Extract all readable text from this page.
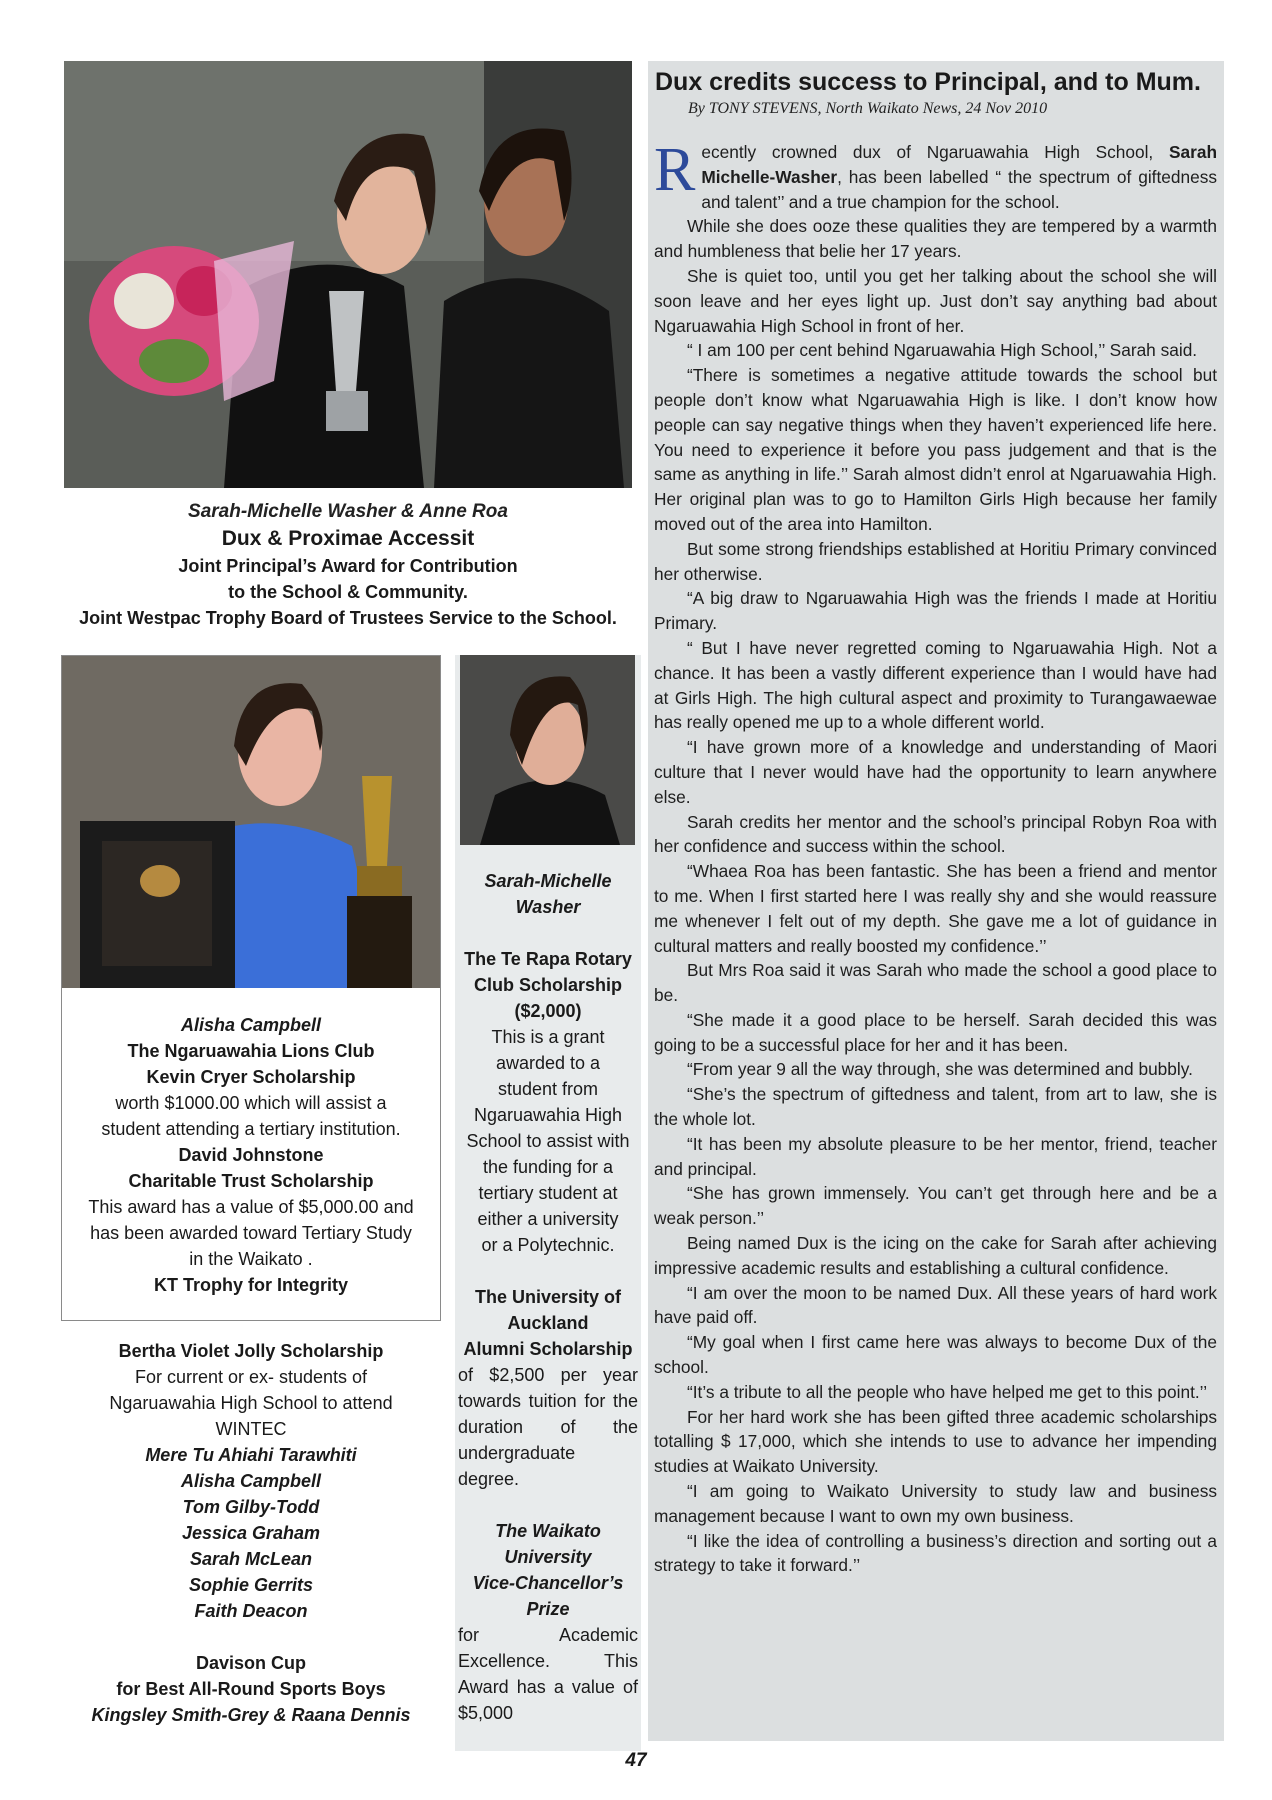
Sarah-Michelle Washer & Anne Roa
Dux & Proximae Accessit
Joint Principal’s Award for Contribution
to the School & Community.
Joint Westpac Trophy Board of Trustees Service to the School.
Alisha Campbell
The Ngaruawahia Lions Club
Kevin Cryer Scholarship
worth $1000.00 which will assist a
student attending a tertiary institution.
David Johnstone
Charitable Trust Scholarship
This award has a value of $5,000.00 and
has been awarded toward Tertiary Study
in the Waikato .
KT Trophy for Integrity
Sarah-Michelle
Washer
The Te Rapa Rotary
Club Scholarship
($2,000)
This is a grant
awarded to a
student from
Ngaruawahia High
School to assist with
the funding for a
tertiary student at
either a university
or a Polytechnic.
The University of
Auckland
Alumni Scholarship
of $2,500 per year towards tuition for the duration of the undergraduate degree.
The Waikato
University
Vice-Chancellor’s
Prize
for Academic Excellence. This Award has a value of $5,000
Bertha Violet Jolly Scholarship
For current or ex- students of
Ngaruawahia High School to attend
WINTEC
Mere Tu Ahiahi Tarawhiti
Alisha Campbell
Tom Gilby-Todd
Jessica Graham
Sarah McLean
Sophie Gerrits
Faith Deacon
Davison Cup
for Best All-Round Sports Boys
Kingsley Smith-Grey & Raana Dennis
Dux credits success to Principal, and to Mum.
By TONY STEVENS, North Waikato News, 24 Nov 2010

Recently crowned dux of Ngaruawahia High School, Sarah Michelle-Washer, has been labelled “ the spectrum of giftedness and talent’’ and a true champion for the school.

While she does ooze these qualities they are tempered by a warmth and humbleness that belie her 17 years.

She is quiet too, until you get her talking about the school she will soon leave and her eyes light up. Just don’t say anything bad about Ngaruawahia High School in front of her.

“ I am 100 per cent behind Ngaruawahia High School,’’ Sarah said.

“There is sometimes a negative attitude towards the school but people don’t know what Ngaruawahia High is like. I don’t know how people can say negative things when they haven’t experienced life here. You need to experience it before you pass judgement and that is the same as anything in life.’’ Sarah almost didn’t enrol at Ngaruawahia High. Her original plan was to go to Hamilton Girls High because her family moved out of the area into Hamilton.

But some strong friendships established at Horitiu Primary convinced her otherwise.

“A big draw to Ngaruawahia High was the friends I made at Horitiu Primary.

“ But I have never regretted coming to Ngaruawahia High. Not a chance. It has been a vastly different experience than I would have had at Girls High. The high cultural aspect and proximity to Turangawaewae has really opened me up to a whole different world.

“I have grown more of a knowledge and understanding of Maori culture that I never would have had the opportunity to learn anywhere else.

Sarah credits her mentor and the school’s principal Robyn Roa with her confidence and success within the school.

“Whaea Roa has been fantastic. She has been a friend and mentor to me. When I first started here I was really shy and she would reassure me whenever I felt out of my depth. She gave me a lot of guidance in cultural matters and really boosted my confidence.’’

But Mrs Roa said it was Sarah who made the school a good place to be.

“She made it a good place to be herself. Sarah decided this was going to be a successful place for her and it has been.

“From year 9 all the way through, she was determined and bubbly.

“She’s the spectrum of giftedness and talent, from art to law, she is the whole lot.

“It has been my absolute pleasure to be her mentor, friend, teacher and principal.

“She has grown immensely. You can’t get through here and be a weak person.’’

Being named Dux is the icing on the cake for Sarah after achieving impressive academic results and establishing a cultural confidence.

“I am over the moon to be named Dux. All these years of hard work have paid off.

“My goal when I first came here was always to become Dux of the school.

“It’s a tribute to all the people who have helped me get to this point.’’

For her hard work she has been gifted three academic scholarships totalling $ 17,000, which she intends to use to advance her impending studies at Waikato University.

“I am going to Waikato University to study law and business management because I want to own my own business.

“I like the idea of controlling a business’s direction and sorting out a strategy to take it forward.’’

47
